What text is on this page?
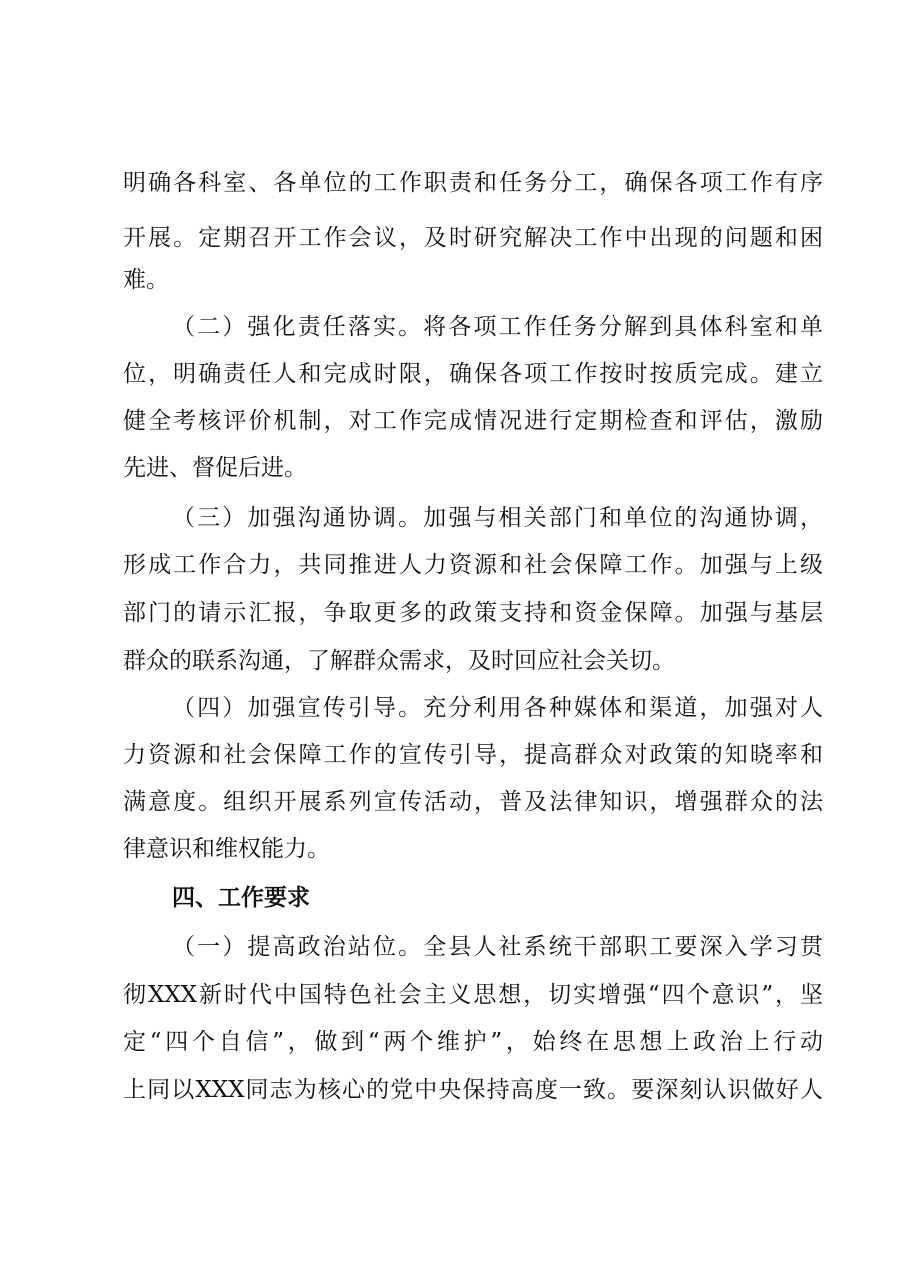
明确各科室、各单位的工作职责和任务分工，确保各项工作有序
开展。定期召开工作会议，及时研究解决工作中出现的问题和困
难。
（二）强化责任落实。将各项工作任务分解到具体科室和单
位，明确责任人和完成时限，确保各项工作按时按质完成。建立
健全考核评价机制，对工作完成情况进行定期检查和评估，激励
先进、督促后进。
（三）加强沟通协调。加强与相关部门和单位的沟通协调，
形成工作合力，共同推进人力资源和社会保障工作。加强与上级
部门的请示汇报，争取更多的政策支持和资金保障。加强与基层
群众的联系沟通，了解群众需求，及时回应社会关切。
（四）加强宣传引导。充分利用各种媒体和渠道，加强对人
力资源和社会保障工作的宣传引导，提高群众对政策的知晓率和
满意度。组织开展系列宣传活动，普及法律知识，增强群众的法
律意识和维权能力。
四、工作要求
（一）提高政治站位。全县人社系统干部职工要深入学习贯
彻XXX新时代中国特色社会主义思想，切实增强“四个意识”，坚
定“四个自信”，做到“两个维护”，始终在思想上政治上行动
上同以XXX同志为核心的党中央保持高度一致。要深刻认识做好人
